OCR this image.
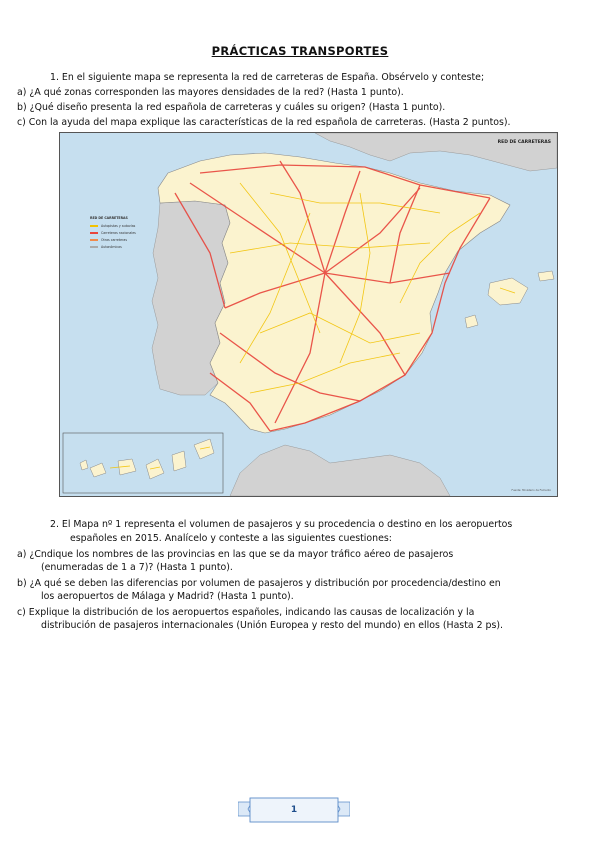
PRÁCTICAS TRANSPORTES
1. En el siguiente mapa se representa la red de carreteras de España. Obsérvelo y conteste;
a) ¿A qué zonas corresponden las mayores densidades de la red? (Hasta 1 punto).
b) ¿Qué diseño presenta la red española de carreteras y cuáles su origen? (Hasta 1 punto).
c) Con la ayuda del mapa explique las características de la red española de carreteras. (Hasta 2 puntos).
RED DE CARRETERAS
RED DE CARRETERAS
Autopistas y autovías
Carreteras nacionales
Otras carreteras
Autonómicas
Fuente: Ministerio de Fomento
2. El Mapa nº 1 representa el volumen de pasajeros y su procedencia o destino en los aeropuertos
españoles en 2015. Analícelo y conteste a las siguientes cuestiones:
a) ¿Cndique los nombres de las provincias en las que se da mayor tráfico aéreo de pasajeros
(enumeradas de 1 a 7)? (Hasta 1 punto).
b) ¿A qué se deben las diferencias por volumen de pasajeros y distribución por procedencia/destino en
los aeropuertos de Málaga y Madrid? (Hasta 1 punto).
c) Explique la distribución de los aeropuertos españoles, indicando las causas de localización y la
distribución de pasajeros internacionales (Unión Europea y resto del mundo) en ellos (Hasta 2 ps).
1
